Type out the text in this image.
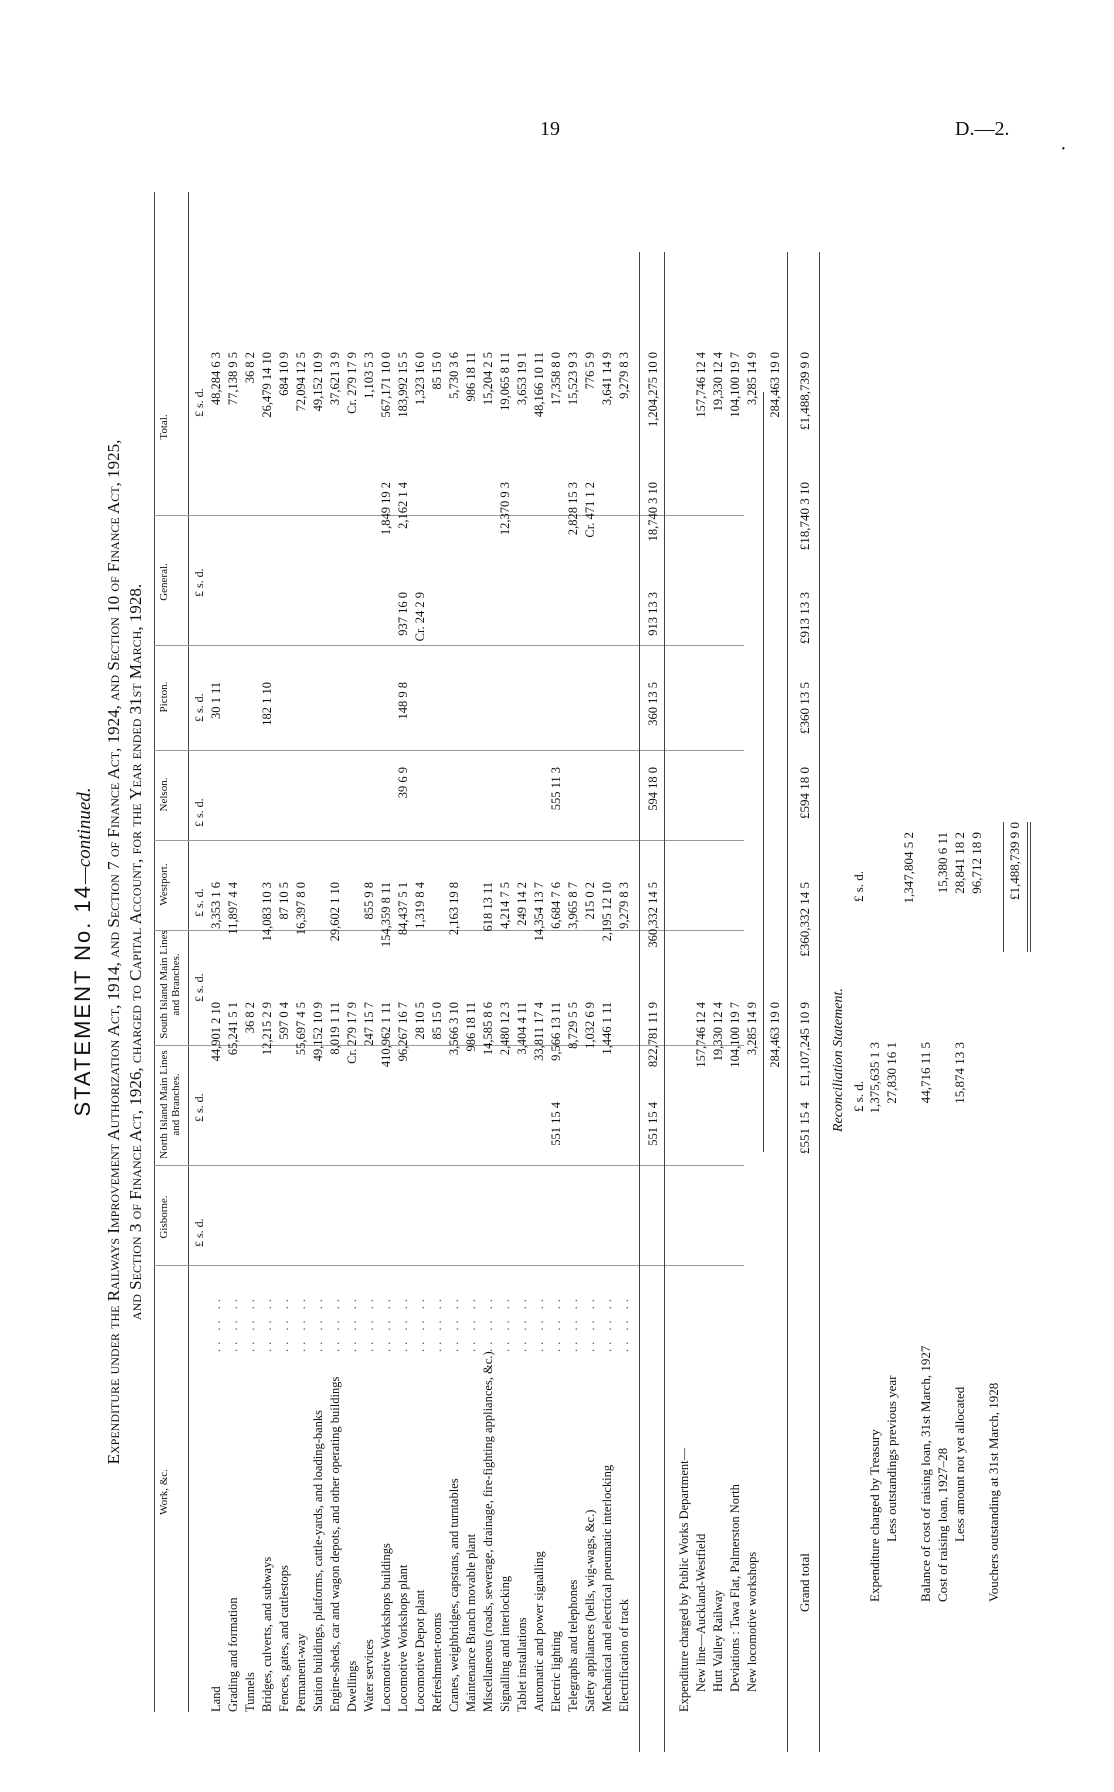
19	D.—2.
·
STATEMENT No. 14—continued. Expenditure under the Railways Improvement Authorization Act, 1914, and Section 7 of Finance Act, 1924, and Section 10 of Finance Act, 1925, and Section 3 of Finance Act, 1926, charged to Capital Account, for the Year ended 31st March, 1928.
Work, &c.
Gisborne. £ s. d.
North Island Main Lines and Branches. £ s. d.
South Island Main Lines and Branches. £ s. d.
Westport. £ s. d.
Nelson.
£ s. d.
Picton. £ s. d.
General. £ s. d.
Total.
£ s. d.
Land
.. .. ..
44,901 2 10
3,353 1 6
30 1 11
48,284 6 3
Grading and formation
.. .. ..
65,241 5 1
11,897 4 4
77,138 9 5
Tunnels
.. .. ..
36 8 2
36 8 2
Bridges, culverts, and subways
.. .. ..
12,215 2 9
14,083 10 3
182 1 10
26,479 14 10
Fences, gates, and cattlestops
.. .. ..
597 0 4
87 10 5
684 10 9
Permanent-way
.. .. ..
55,697 4 5
16,397 8 0
72,094 12 5
Station buildings, platforms, cattle-yards, and loading-banks
.. .. ..
49,152 10 9
49,152 10 9
Engine-sheds, car and wagon depots, and other operating buildings
.. .. ..
8,019 1 11
29,602 1 10
37,621 3 9
Dwellings
.. .. ..
Cr. 279 17 9
Cr. 279 17 9
Water services
.. .. ..
247 15 7
855 9 8
1,103 5 3
Locomotive Workshops buildings
.. .. ..
410,962 1 11
154,359 8 11
1,849 19 2
567,171 10 0
Locomotive Workshops plant
.. .. ..
96,267 16 7
84,437 5 1
39 6 9
148 9 8
937 16 0
2,162 1 4
183,992 15 5
Locomotive Depot plant
.. .. ..
28 10 5
1,319 8 4
Cr. 24 2 9
1,323 16 0
Refreshment-rooms
.. .. ..
85 15 0
85 15 0
Cranes, weighbridges, capstans, and turntables
.. .. ..
3,566 3 10
2,163 19 8
5,730 3 6
Maintenance Branch movable plant
.. .. ..
986 18 11
986 18 11
Miscellaneous (roads, sewerage, drainage, fire-fighting appliances, &c.)
.. .. ..
14,585 8 6
618 13 11
15,204 2 5
Signalling and interlocking
.. .. ..
2,480 12 3
4,214 7 5
12,370 9 3
19,065 8 11
Tablet installations
.. .. ..
3,404 4 11
249 14 2
3,653 19 1
Automatic and power signalling
.. .. ..
33,811 17 4
14,354 13 7
48,166 10 11
Electric lighting
.. .. ..
551 15 4
9,566 13 11
6,684 7 6
555 11 3
17,358 8 0
Telegraphs and telephones
.. .. ..
8,729 5 5
3,965 8 7
2,828 15 3
15,523 9 3
Safety appliances (bells, wig-wags, &c.)
.. .. ..
1,032 6 9
215 0 2
Cr. 471 1 2
776 5 9
Mechanical and electrical pneumatic interlocking
.. .. ..
1,446 1 11
2,195 12 10
3,641 14 9
Electrification of track
.. .. ..
9,279 8 3
9,279 8 3
551 15 4
822,781 11 9
360,332 14 5
594 18 0
360 13 5
913 13 3
18,740 3 10
1,204,275 10 0
Expenditure charged by Public Works Department— New line—Auckland-Westfield
157,746 12 4
157,746 12 4
Hutt Valley Railway
19,330 12 4
19,330 12 4
Deviations : Tawa Flat, Palmerston North
104,100 19 7
104,100 19 7
New locomotive workshops
3,285 14 9
3,285 14 9
284,463 19 0
284,463 19 0
Grand total
£551 15 4
£1,107,245 10 9
£360,332 14 5
£594 18 0
£360 13 5
£913 13 3
£18,740 3 10
£1,488,739 9 0
Reconciliation Statement. £ s. d.
£ s. d.
Expenditure charged by Treasury
1,375,635 1 3
Less outstandings previous year
27,830 16 1
1,347,804 5 2
Balance of cost of raising loan, 31st March, 1927
44,716 11 5
Cost of raising loan, 1927–28
15,380 6 11
Less amount not yet allocated
15,874 13 3
28,841 18 2 96,712 18 9
Vouchers outstanding at 31st March, 1928
£1,488,739 9 0
